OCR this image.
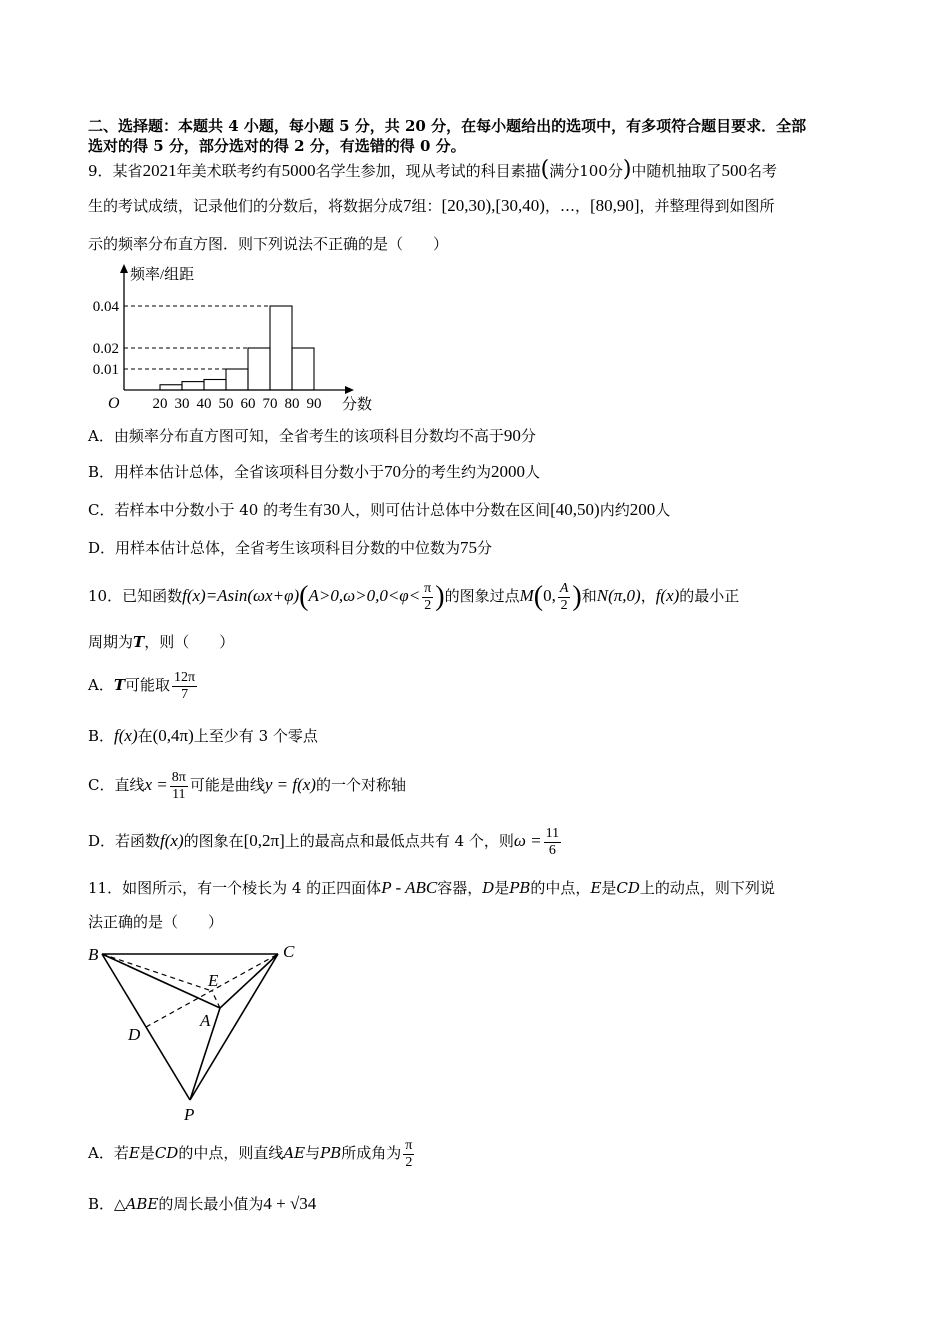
二、选择题：本题共 4 小题，每小题 5 分，共 20 分，在每小题给出的选项中，有多项符合题目要求．全部
选对的得 5 分，部分选对的得 2 分，有选错的得 0 分。
9．某省2021年美术联考约有5000名学生参加，现从考试的科目素描(满分100分)中随机抽取了500名考
生的考试成绩，记录他们的分数后，将数据分成7组：[20,30),[30,40)，…，[80,90]，并整理得到如图所
示的频率分布直方图．则下列说法不正确的是（　　）
0.01
0.02
0.04
20 30 40 50 60 70 80 90
O	分数
频率/组距
A．由频率分布直方图可知，全省考生的该项科目分数均不高于90分
B．用样本估计总体，全省该项科目分数小于70分的考生约为2000人
C．若样本中分数小于 40 的考生有30人，则可估计总体中分数在区间[40,50)内约200人
D．用样本估计总体，全省考生该项科目分数的中位数为75分
10．已知函数$f(x)=Asin(\omega x+\varphi)(A>0,\omega>0,0<\varphi< \frac{\pi}{2}$ )的图象过点M(0, $\frac{A}{2}$ )和N(π,0)，f(x)的最小正
周期为T，则（　　）
A．T可能取 $\frac{12\pi}{7}$
B．f(x)在(0,4π)上至少有 3 个零点
C．直线$x = \frac{8\pi}{11}$ 可能是曲线y = f(x)的一个对称轴
D．若函数f(x)的图象在[0,2π]上的最高点和最低点共有 4 个，则$\omega = \frac{11}{6}$
11．如图所示，有一个棱长为 4 的正四面体P - ABC容器，D是PB的中点，E是CD上的动点，则下列说
法正确的是（　　）
B	C
E
A
D
P
A．若E是CD的中点，则直线AE与PB所成角为 $\frac{\pi}{2}$
B．△ABE的周长最小值为4 + √34
